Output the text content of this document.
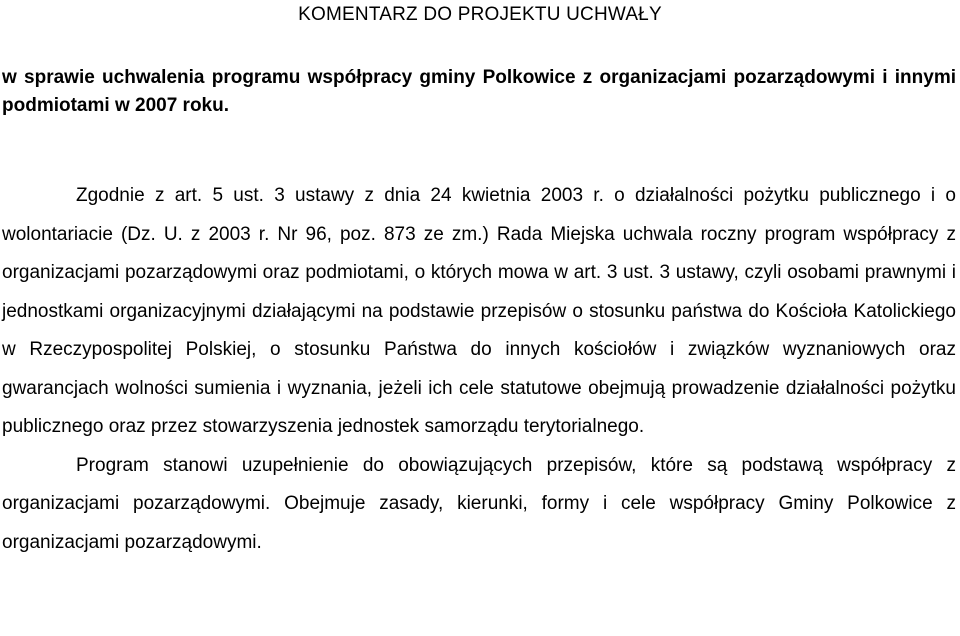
KOMENTARZ DO PROJEKTU UCHWAŁY
w sprawie uchwalenia programu współpracy gminy Polkowice z organizacjami pozarządowymi i innymi podmiotami w 2007 roku.

Zgodnie z art. 5 ust. 3 ustawy z dnia 24 kwietnia 2003 r. o działalności pożytku publicznego i o wolontariacie (Dz. U. z 2003 r. Nr 96, poz. 873 ze zm.) Rada Miejska uchwala roczny program współpracy z organizacjami pozarządowymi oraz podmiotami, o których mowa w art. 3 ust. 3 ustawy, czyli osobami prawnymi i jednostkami organizacyjnymi działającymi na podstawie przepisów o stosunku państwa do Kościoła Katolickiego w Rzeczypospolitej Polskiej, o stosunku Państwa do innych kościołów i związków wyznaniowych oraz gwarancjach wolności sumienia i wyznania, jeżeli ich cele statutowe obejmują prowadzenie działalności pożytku publicznego oraz przez stowarzyszenia jednostek samorządu terytorialnego.

Program stanowi uzupełnienie do obowiązujących przepisów, które są podstawą współpracy z organizacjami pozarządowymi. Obejmuje zasady, kierunki, formy i cele współpracy Gminy Polkowice z organizacjami pozarządowymi.
